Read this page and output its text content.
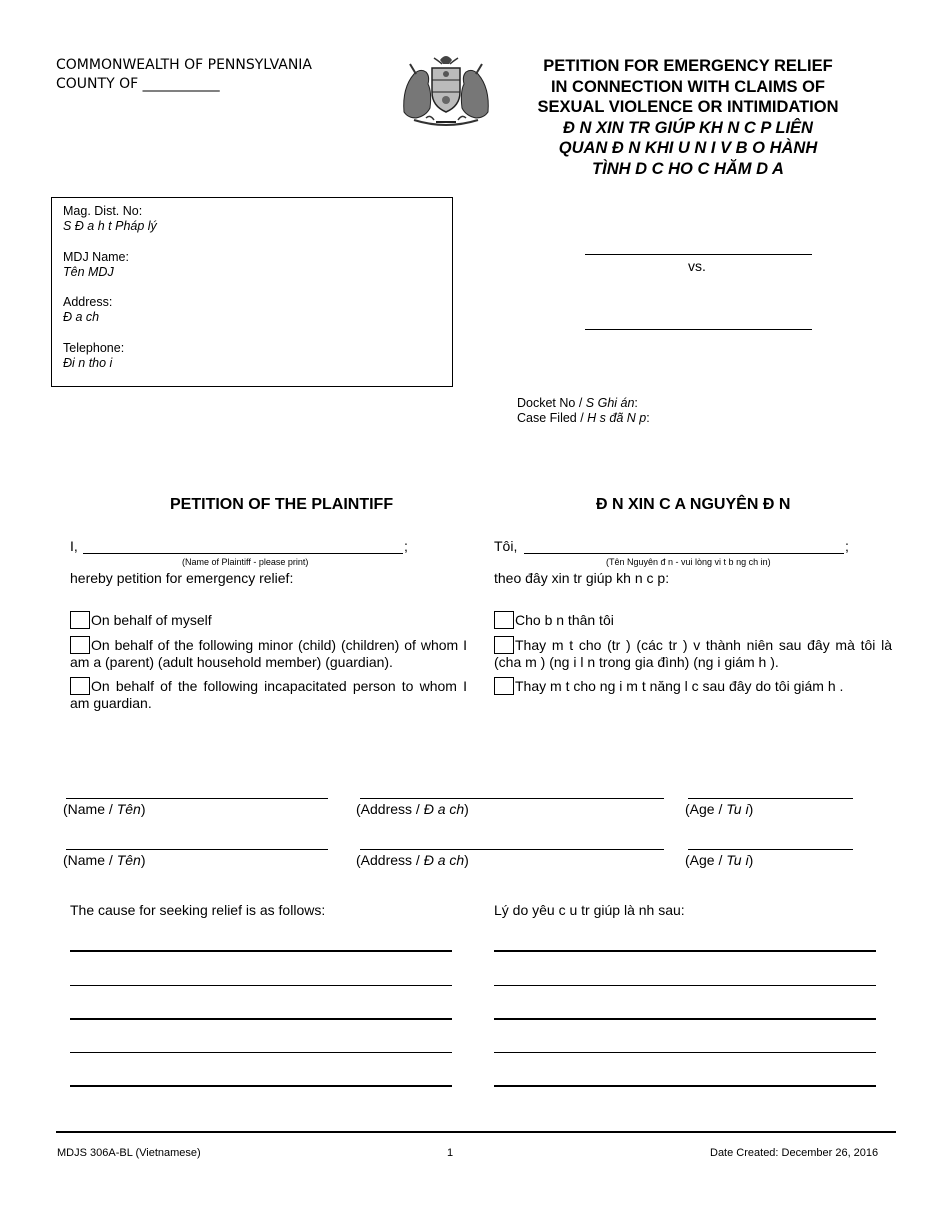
COMMONWEALTH OF PENNSYLVANIA
COUNTY OF ___________
PETITION FOR EMERGENCY RELIEF
IN CONNECTION WITH CLAIMS OF
SEXUAL VIOLENCE OR INTIMIDATION
Đ N XIN TR GIÚP KH N C P LIÊN
QUAN Đ N KHI U N I V B O HÀNH
TÌNH D C HO C HĂM D A
Mag. Dist. No:
S Đ a h t Pháp lý
MDJ Name:
Tên MDJ
Address:
Đ a ch
Telephone:
Đi n tho i
vs.
Docket No / S Ghi án:
Case Filed / H s đã N p:
PETITION OF THE PLAINTIFF	Đ N XIN C A NGUYÊN Đ N
I,	;
(Name of Plaintiff - please print)
hereby petition for emergency relief:
Tôi,	;
(Tên Nguyên đ n - vui lòng vi t b ng ch in)
theo đây xin tr giúp kh n c p:
On behalf of myself
On behalf of the following minor (child) (children) of whom I am a (parent) (adult household member) (guardian).
On behalf of the following incapacitated person to whom I am guardian.
Cho b n thân tôi
Thay m t cho (tr ) (các tr ) v thành niên sau đây mà tôi là (cha m ) (ng i l n trong gia đình) (ng i giám h ).
Thay m t cho ng i m t năng l c sau đây do tôi giám h .
(Name / Tên)	(Address / Đ a ch)	(Age / Tu i)
(Name / Tên)	(Address / Đ a ch)	(Age / Tu i)
The cause for seeking relief is as follows:	Lý do yêu c u tr giúp là nh sau:
MDJS 306A-BL (Vietnamese)	1	Date Created: December 26, 2016
